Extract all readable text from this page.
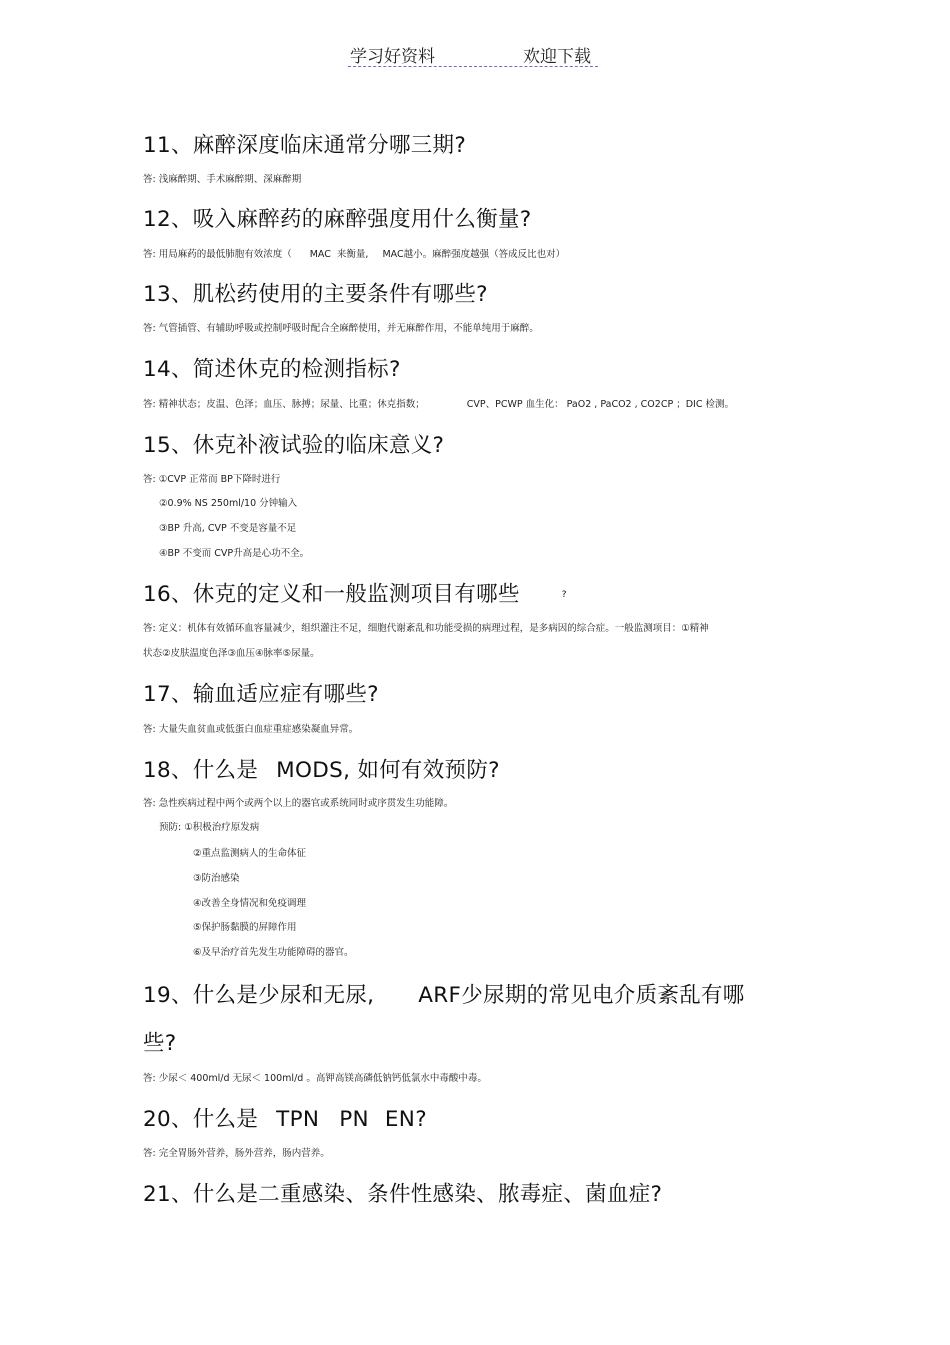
学习好资料	欢迎下载
11、麻醉深度临床通常分哪三期?
答: 浅麻醉期、手术麻醉期、深麻醉期
12、吸入麻醉药的麻醉强度用什么衡量?
答: 用局麻药的最低肺胞有效浓度（ MAC 来衡量, MAC越小。麻醉强度越强（答成反比也对）
13、肌松药使用的主要条件有哪些?
答: 气管插管、有辅助呼吸或控制呼吸时配合全麻醉使用，并无麻醉作用，不能单纯用于麻醉。
14、简述休克的检测指标?
答: 精神状态；皮温、色泽；血压、脉搏；尿量、比重；休克指数；	CVP、PCWP 血生化： PaO2 , PaCO2 , CO2CP ；DIC 检测。
15、休克补液试验的临床意义?
答: ①CVP 正常而 BP下降时进行
②0.9% NS 250ml/10 分钟输入
③BP 升高, CVP 不变是容量不足
④BP 不变而 CVP升高是心功不全。
16、休克的定义和一般监测项目有哪些	?
答: 定义：机体有效循环血容量减少，组织灌注不足，细胞代谢紊乱和功能受损的病理过程，是多病因的综合症。一般监测项目：①精神
状态②皮肤温度色泽③血压④脉率⑤尿量。
17、输血适应症有哪些?
答: 大量失血贫血或低蛋白血症重症感染凝血异常。
18、什么是 MODS, 如何有效预防?
答: 急性疾病过程中两个或两个以上的器官或系统同时或序贯发生功能障。
预防: ①积极治疗原发病
②重点监测病人的生命体征
③防治感染
④改善全身情况和免疫调理
⑤保护肠黏膜的屏障作用
⑥及早治疗首先发生功能障碍的器官。
19、什么是少尿和无尿, ARF少尿期的常见电介质紊乱有哪
些?
答: 少尿＜ 400ml/d 无尿＜ 100ml/d 。高钾高镁高磷低钠钙低氯水中毒酸中毒。
20、什么是 TPN PN EN?
答: 完全胃肠外营养，肠外营养，肠内营养。
21、什么是二重感染、条件性感染、脓毒症、菌血症?
